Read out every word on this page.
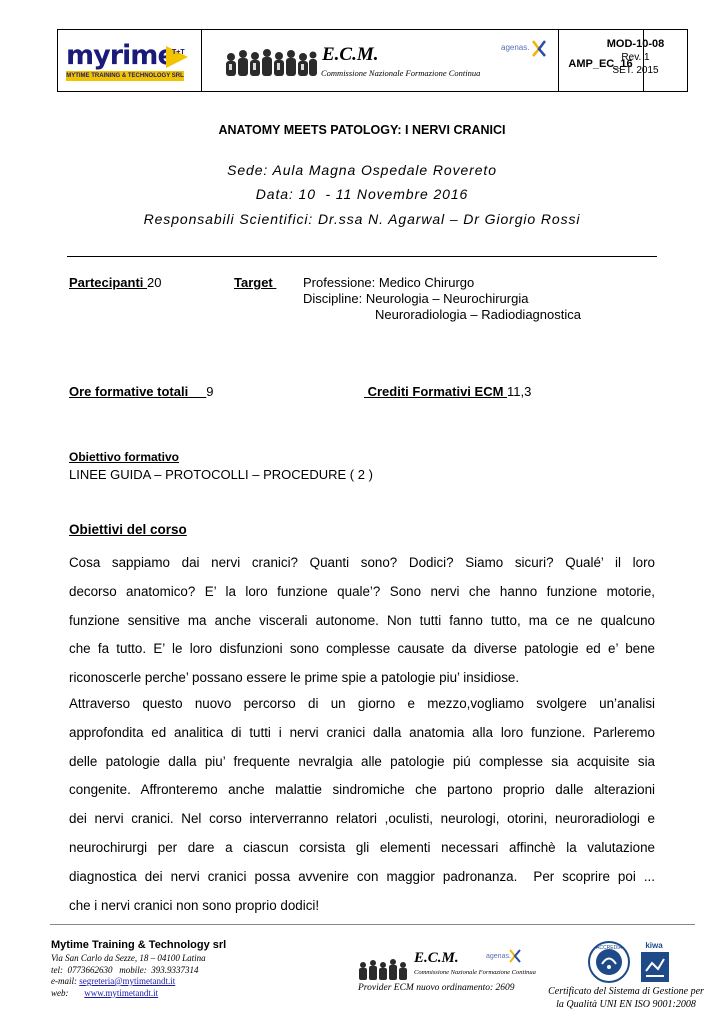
myrime
T+T
MYTIME TRAINING & TECHNOLOGY SRL
E.C.M.
Commissione Nazionale Formazione Continua
agenas.
AMP_EC_16
MOD-10-08
Rev. 1
SET. 2015
ANATOMY MEETS PATOLOGY: I NERVI CRANICI
Sede: Aula Magna Ospedale Rovereto
Data: 10  - 11 Novembre 2016
Responsabili Scientifici: Dr.ssa N. Agarwal – Dr Giorgio Rossi
Partecipanti 20	Target Professione: Medico Chirurgo
Discipline: Neurologia – Neurochirurgia
Neuroradiologia – Radiodiagnostica
Ore formative totali     9	Crediti Formativi ECM 11,3
Obiettivo formativo
LINEE GUIDA – PROTOCOLLI – PROCEDURE ( 2 )
Obiettivi del corso
Cosa sappiamo dai nervi cranici? Quanti sono? Dodici? Siamo sicuri? Qualé’ il loro
decorso anatomico? E’ la loro funzione quale’? Sono nervi che hanno funzione motorie,
funzione sensitive ma anche viscerali autonome. Non tutti fanno tutto, ma ce ne qualcuno
che fa tutto. E’ le loro disfunzioni sono complesse causate da diverse patologie ed e’ bene
riconoscerle perche’ possano essere le prime spie a patologie piu’ insidiose.
Attraverso questo nuovo percorso di un giorno e mezzo,vogliamo svolgere un’analisi
approfondita ed analitica di tutti i nervi cranici dalla anatomia alla loro funzione. Parleremo
delle patologie dalla piu’ frequente nevralgia alle patologie piú complesse sia acquisite sia
congenite. Affronteremo anche malattie sindromiche che partono proprio dalle alterazioni
dei nervi cranici. Nel corso interverranno relatori ,oculisti, neurologi, otorini, neuroradiologi e
neurochirurgi per dare a ciascun corsista gli elementi necessari affinchè la valutazione
diagnostica dei nervi cranici possa avvenire con maggior padronanza.  Per scoprire poi ...
che i nervi cranici non sono proprio dodici!
Mytime Training & Technology srl
Via San Carlo da Sezze, 18 – 04100 Latina
tel:  0773662630   mobile:  393.9337314
e-mail: segreteria@mytimetandt.it
web:       www.mytimetandt.it
E.C.M.
Commissione Nazionale Formazione Continua
agenas.
Provider ECM nuovo ordinamento: 2609
ACCREDIA	kiwa
Certificato del Sistema di Gestione per
la Qualità UNI EN ISO 9001:2008
